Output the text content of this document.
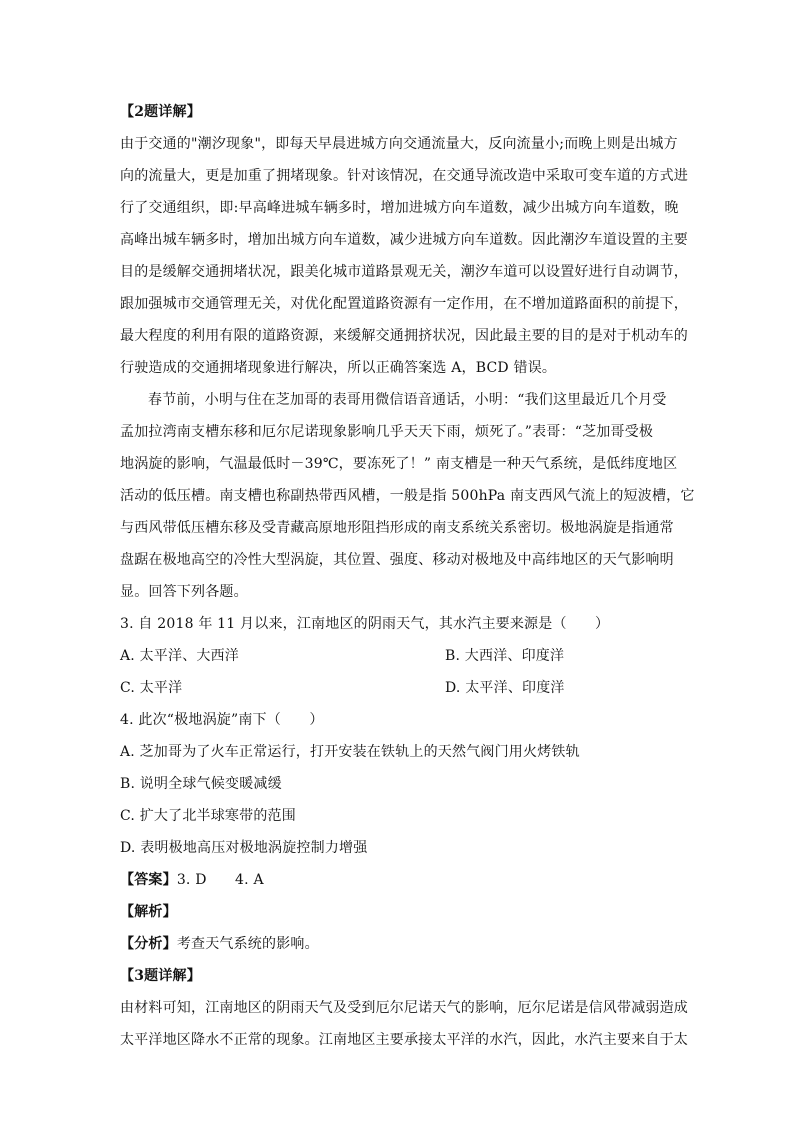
【2题详解】
由于交通的"潮汐现象"，即每天早晨进城方向交通流量大，反向流量小;而晚上则是出城方
向的流量大，更是加重了拥堵现象。针对该情况，在交通导流改造中采取可变车道的方式进
行了交通组织，即:早高峰进城车辆多时，增加进城方向车道数，减少出城方向车道数，晚
高峰出城车辆多时，增加出城方向车道数，减少进城方向车道数。因此潮汐车道设置的主要
目的是缓解交通拥堵状况，跟美化城市道路景观无关，潮汐车道可以设置好进行自动调节，
跟加强城市交通管理无关，对优化配置道路资源有一定作用，在不增加道路面积的前提下，
最大程度的利用有限的道路资源，来缓解交通拥挤状况，因此最主要的目的是对于机动车的
行驶造成的交通拥堵现象进行解决，所以正确答案选 A，BCD 错误。
春节前，小明与住在芝加哥的表哥用微信语音通话，小明：“我们这里最近几个月受
孟加拉湾南支槽东移和厄尔尼诺现象影响几乎天天下雨，烦死了。”表哥：“芝加哥受极
地涡旋的影响，气温最低时－39℃，要冻死了！” 南支槽是一种天气系统，是低纬度地区
活动的低压槽。南支槽也称副热带西风槽，一般是指 500hPa 南支西风气流上的短波槽，它
与西风带低压槽东移及受青藏高原地形阻挡形成的南支系统关系密切。极地涡旋是指通常
盘踞在极地高空的冷性大型涡旋，其位置、强度、移动对极地及中高纬地区的天气影响明
显。回答下列各题。
3. 自 2018 年 11 月以来，江南地区的阴雨天气，其水汽主要来源是（　　）
A. 太平洋、大西洋	B. 大西洋、印度洋
C. 太平洋	D. 太平洋、印度洋
4. 此次“极地涡旋”南下（　　）
A. 芝加哥为了火车正常运行，打开安装在铁轨上的天然气阀门用火烤铁轨
B. 说明全球气候变暖减缓
C. 扩大了北半球寒带的范围
D. 表明极地高压对极地涡旋控制力增强
【答案】3. D　　4. A
【解析】
【分析】考查天气系统的影响。
【3题详解】
由材料可知，江南地区的阴雨天气及受到厄尔尼诺天气的影响，厄尔尼诺是信风带减弱造成
太平洋地区降水不正常的现象。江南地区主要承接太平洋的水汽，因此，水汽主要来自于太
